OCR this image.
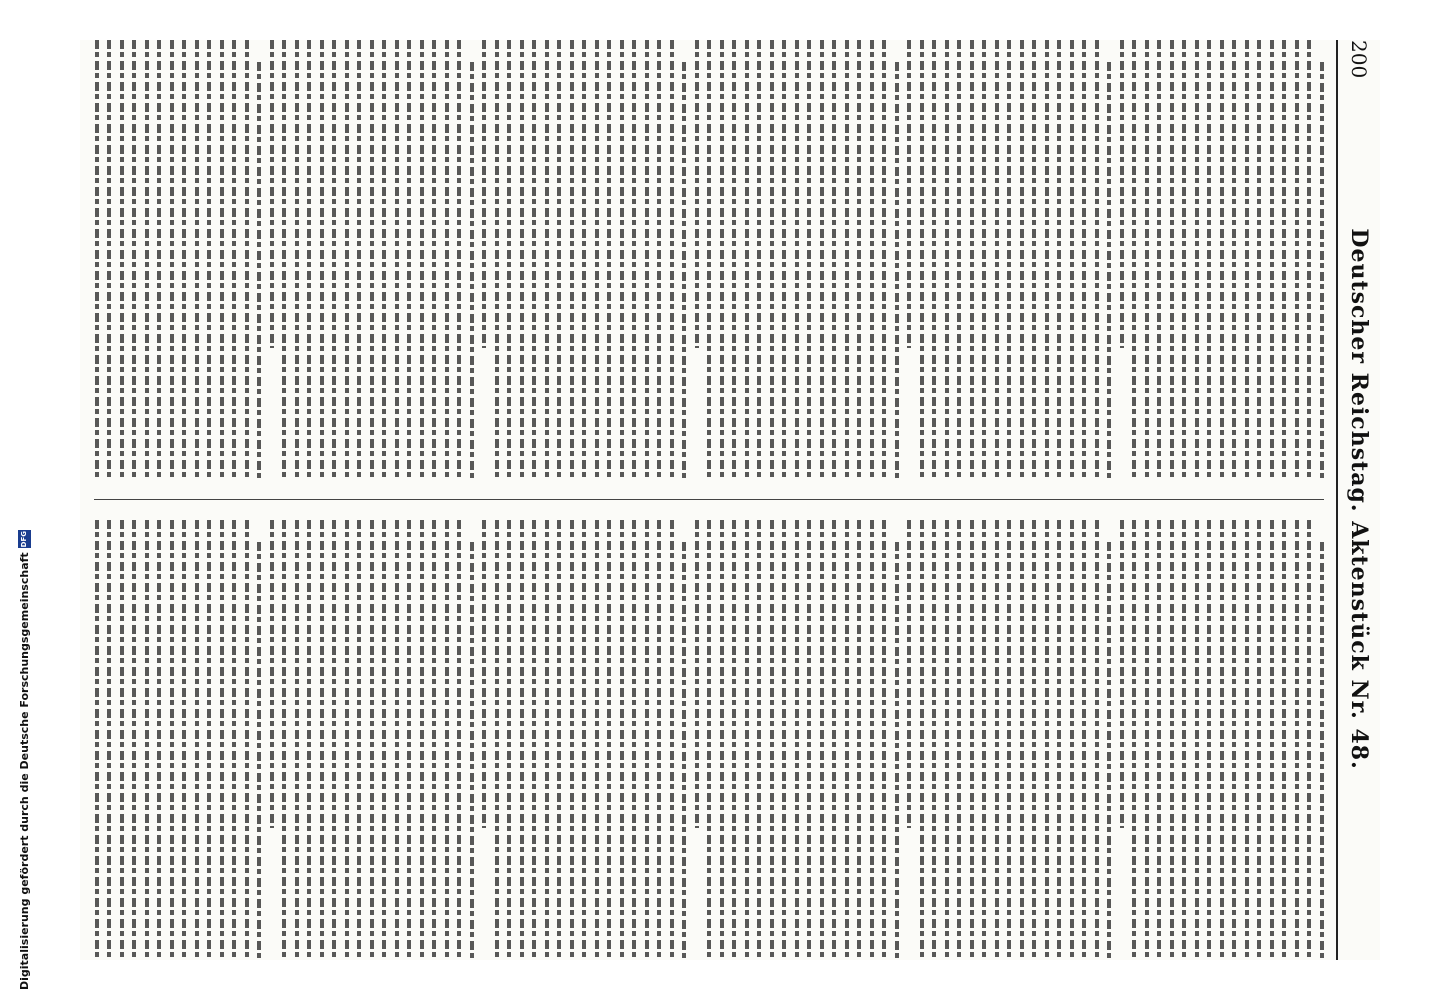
200
Deutscher Reichstag. Aktenstück Nr. 48.
Digitalisierung gefördert durch die Deutsche Forschungsgemeinschaft
DFG
